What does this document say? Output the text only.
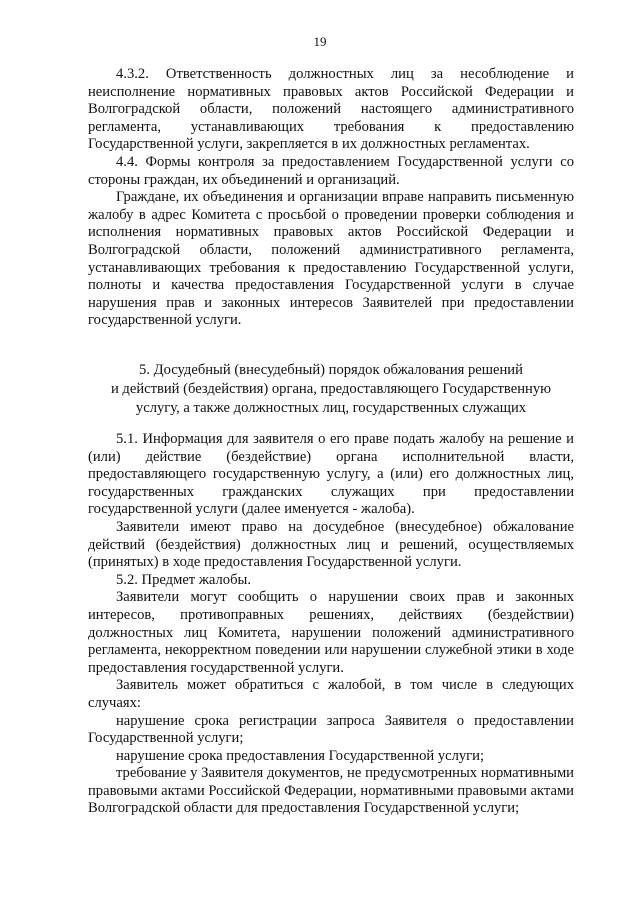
19

4.3.2. Ответственность должностных лиц за несоблюдение и неисполнение нормативных правовых актов Российской Федерации и Волгоградской области, положений настоящего административного регламента, устанавливающих требования к предоставлению Государственной услуги, закрепляется в их должностных регламентах.

4.4. Формы контроля за предоставлением Государственной услуги со стороны граждан, их объединений и организаций.

Граждане, их объединения и организации вправе направить письменную жалобу в адрес Комитета с просьбой о проведении проверки соблюдения и исполнения нормативных правовых актов Российской Федерации и Волгоградской области, положений административного регламента, устанавливающих требования к предоставлению Государственной услуги, полноты и качества предоставления Государственной услуги в случае нарушения прав и законных интересов Заявителей при предоставлении государственной услуги.

5. Досудебный (внесудебный) порядок обжалования решений
и действий (бездействия) органа, предоставляющего Государственную
услугу, а также должностных лиц, государственных служащих

5.1. Информация для заявителя о его праве подать жалобу на решение и (или) действие (бездействие) органа исполнительной власти, предоставляющего государственную услугу, а (или) его должностных лиц, государственных гражданских служащих при предоставлении государственной услуги (далее именуется - жалоба).

Заявители имеют право на досудебное (внесудебное) обжалование действий (бездействия) должностных лиц и решений, осуществляемых (принятых) в ходе предоставления Государственной услуги.

5.2. Предмет жалобы.

Заявители могут сообщить о нарушении своих прав и законных интересов, противоправных решениях, действиях (бездействии) должностных лиц Комитета, нарушении положений административного регламента, некорректном поведении или нарушении служебной этики в ходе предоставления государственной услуги.

Заявитель может обратиться с жалобой, в том числе в следующих случаях:

нарушение срока регистрации запроса Заявителя о предоставлении Государственной услуги;

нарушение срока предоставления Государственной услуги;

требование у Заявителя документов, не предусмотренных нормативными правовыми актами Российской Федерации, нормативными правовыми актами Волгоградской области для предоставления Государственной услуги;
